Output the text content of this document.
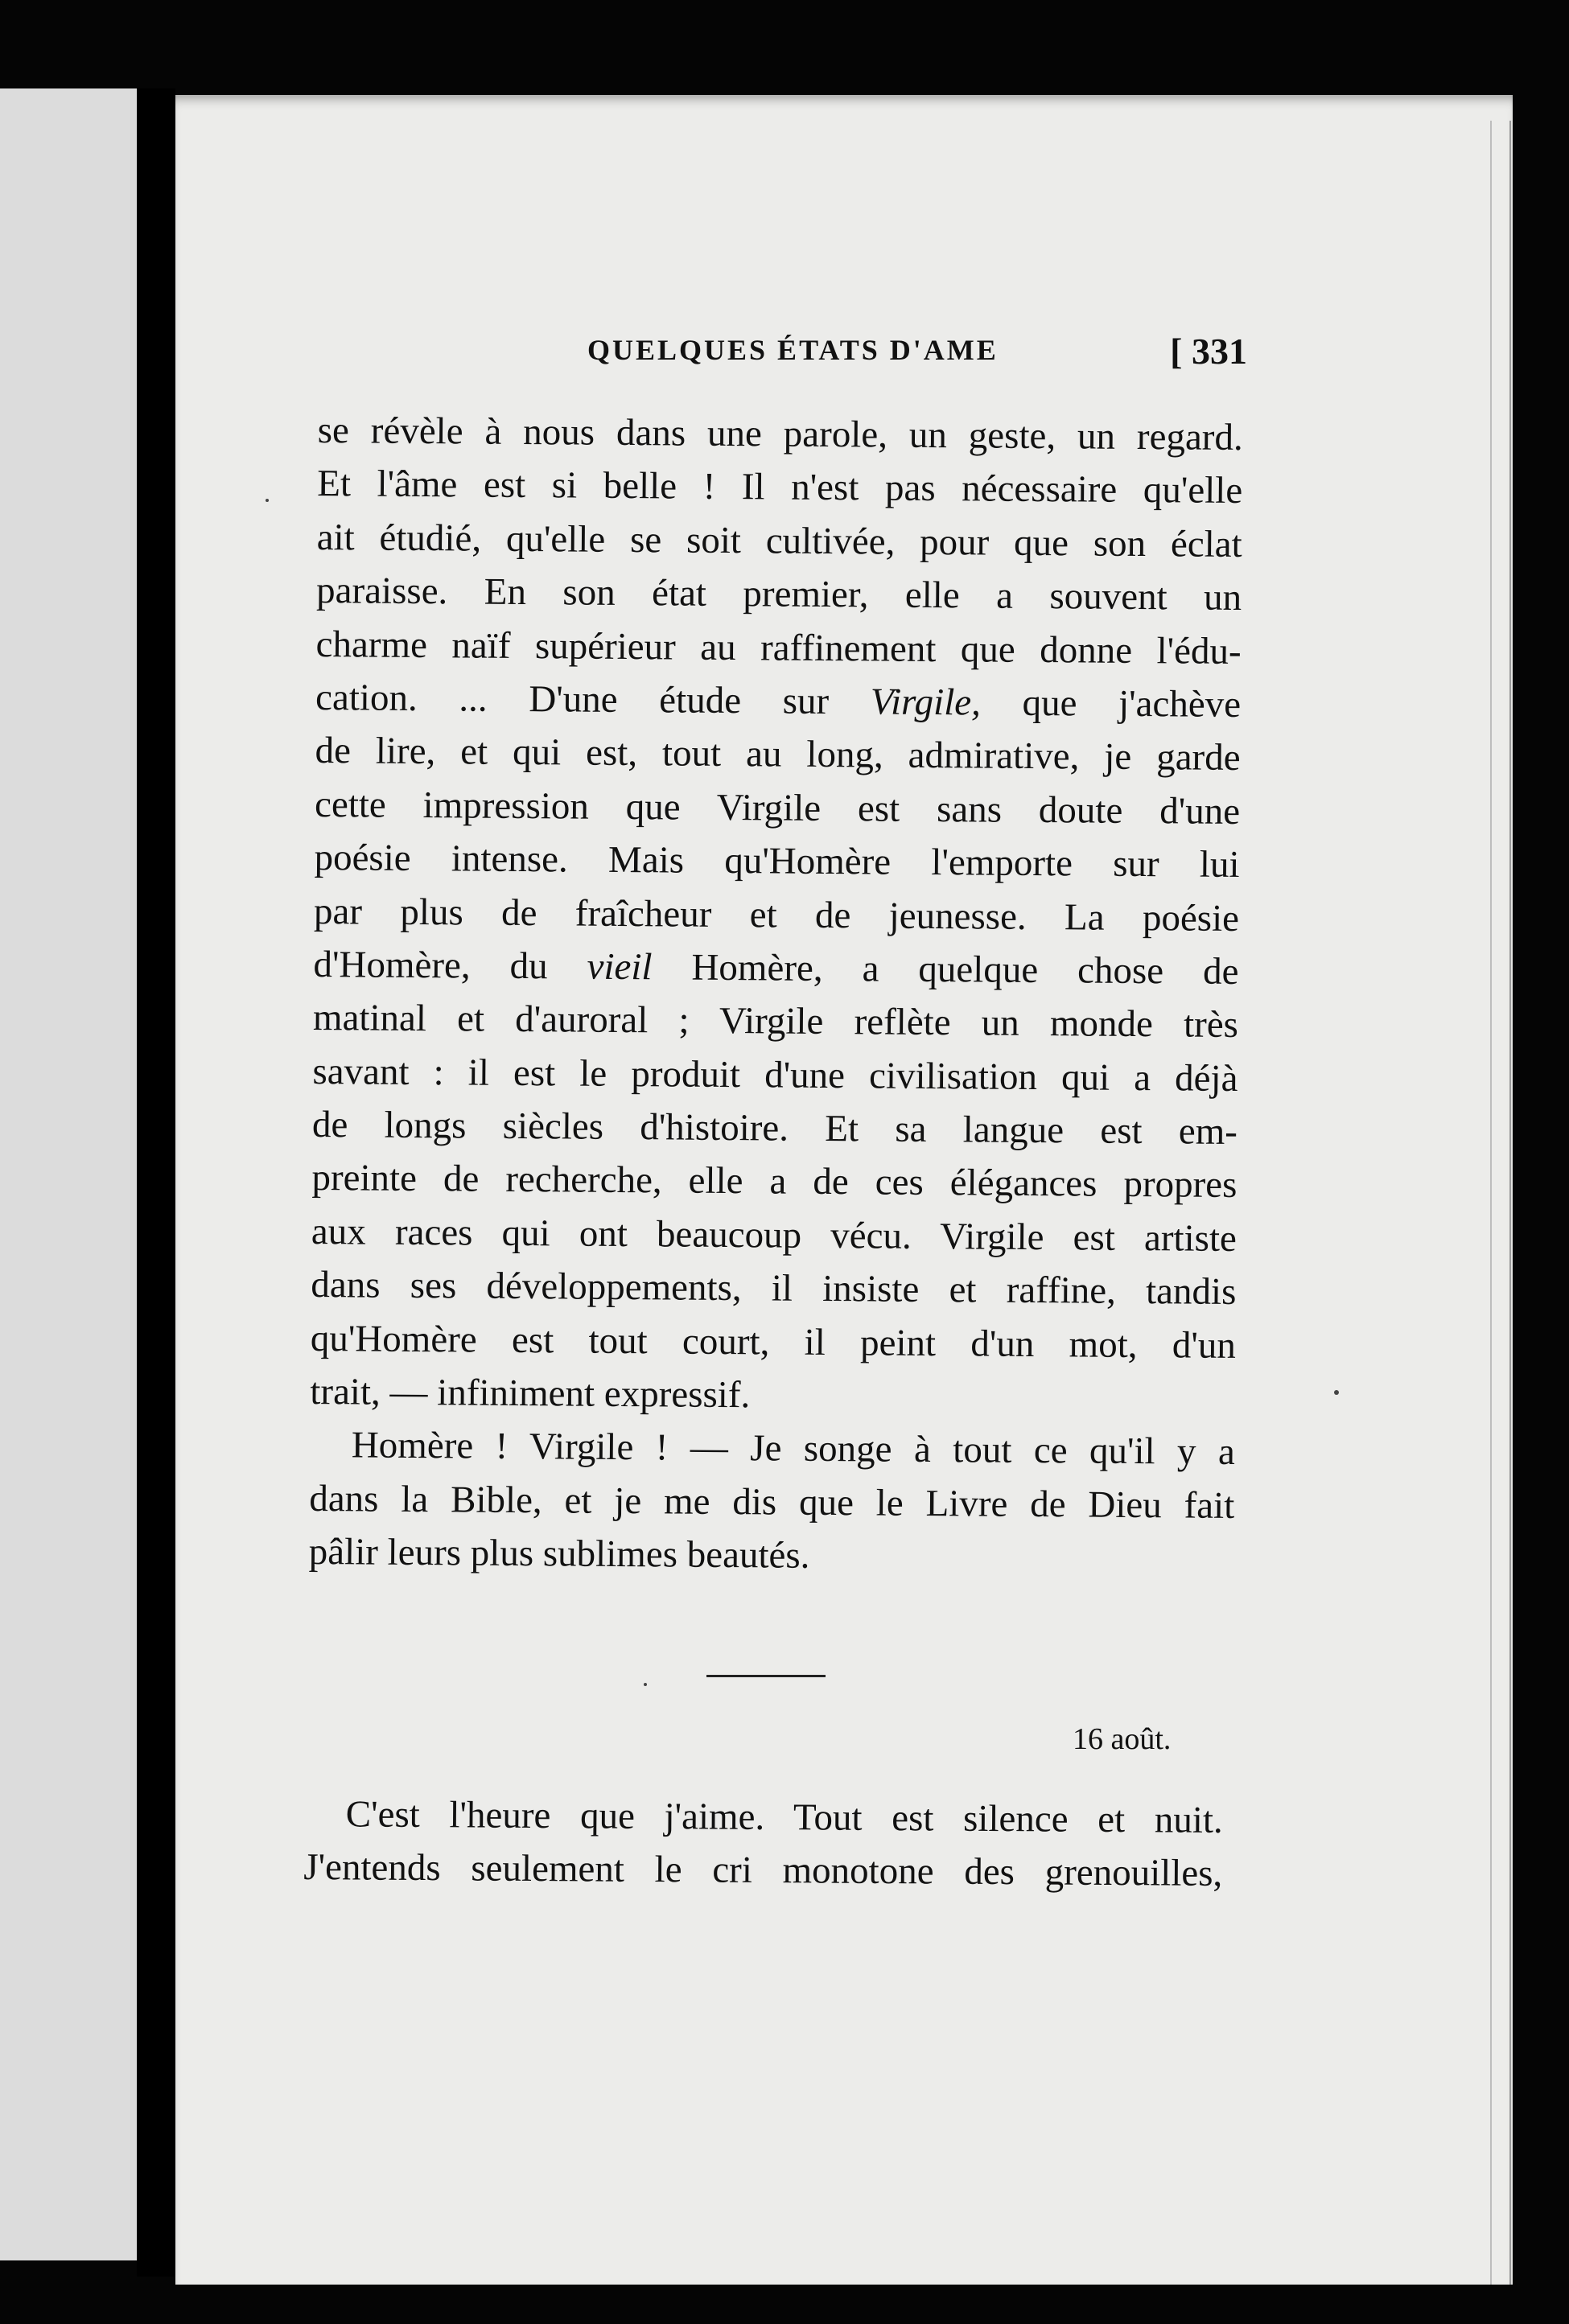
QUELQUES ÉTATS D'AME	[ 331
se révèle à nous dans une parole, un geste, un regard.
Et l'âme est si belle ! Il n'est pas nécessaire qu'elle
ait étudié, qu'elle se soit cultivée, pour que son éclat
paraisse. En son état premier, elle a souvent un
charme naïf supérieur au raffinement que donne l'édu-
cation. ... D'une étude sur Virgile, que j'achève
de lire, et qui est, tout au long, admirative, je garde
cette impression que Virgile est sans doute d'une
poésie intense. Mais qu'Homère l'emporte sur lui
par plus de fraîcheur et de jeunesse. La poésie
d'Homère, du vieil Homère, a quelque chose de
matinal et d'auroral ; Virgile reflète un monde très
savant : il est le produit d'une civilisation qui a déjà
de longs siècles d'histoire. Et sa langue est em-
preinte de recherche, elle a de ces élégances propres
aux races qui ont beaucoup vécu. Virgile est artiste
dans ses développements, il insiste et raffine, tandis
qu'Homère est tout court, il peint d'un mot, d'un
trait, — infiniment expressif.
Homère ! Virgile ! — Je songe à tout ce qu'il y a
dans la Bible, et je me dis que le Livre de Dieu fait
pâlir leurs plus sublimes beautés.
16 août.
C'est l'heure que j'aime. Tout est silence et nuit.
J'entends seulement le cri monotone des grenouilles,
